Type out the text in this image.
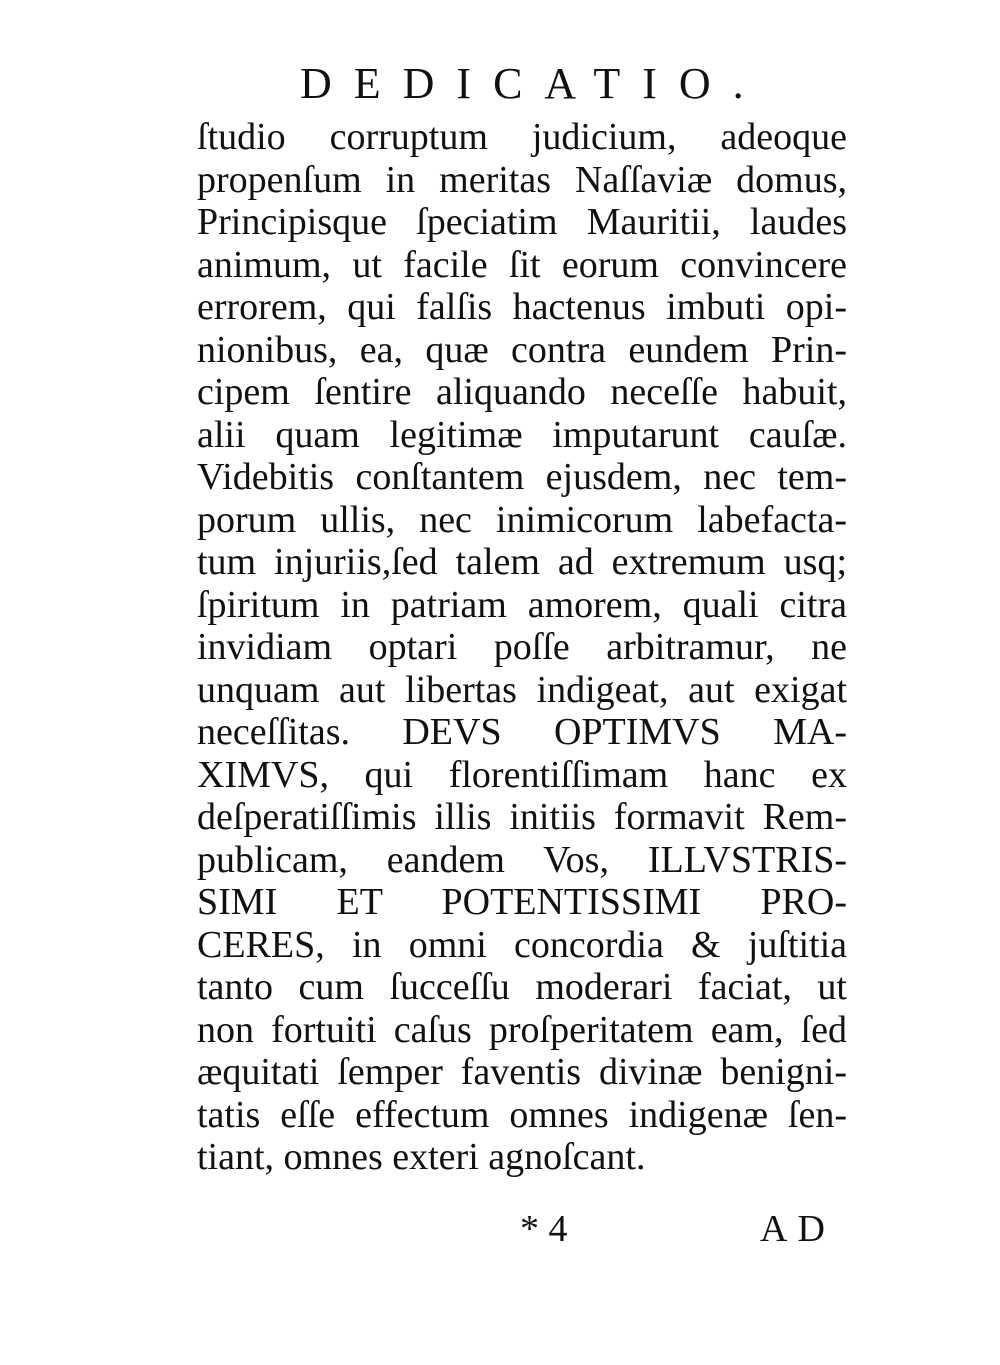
DEDICATIO.
ſtudio corruptum judicium, adeoque
propenſum in meritas Naſſaviæ domus,
Principisque ſpeciatim Mauritii, laudes
animum, ut facile ſit eorum convincere
errorem, qui falſis hactenus imbuti opi-
nionibus, ea, quæ contra eundem Prin-
cipem ſentire aliquando neceſſe habuit,
alii quam legitimæ imputarunt cauſæ.
Videbitis conſtantem ejusdem, nec tem-
porum ullis, nec inimicorum labefacta-
tum injuriis,ſed talem ad extremum usq;
ſpiritum in patriam amorem, quali citra
invidiam optari poſſe arbitramur, ne
unquam aut libertas indigeat, aut exigat
neceſſitas. DEVS OPTIMVS MA-
XIMVS, qui florentiſſimam hanc ex
deſperatiſſimis illis initiis formavit Rem-
publicam, eandem Vos, ILLVSTRIS-
SIMI ET POTENTISSIMI PRO-
CERES, in omni concordia & juſtitia
tanto cum ſucceſſu moderari faciat, ut
non fortuiti caſus proſperitatem eam, ſed
æquitati ſemper faventis divinæ benigni-
tatis eſſe effectum omnes indigenæ ſen-
tiant, omnes exteri agnoſcant.
* 4	AD
